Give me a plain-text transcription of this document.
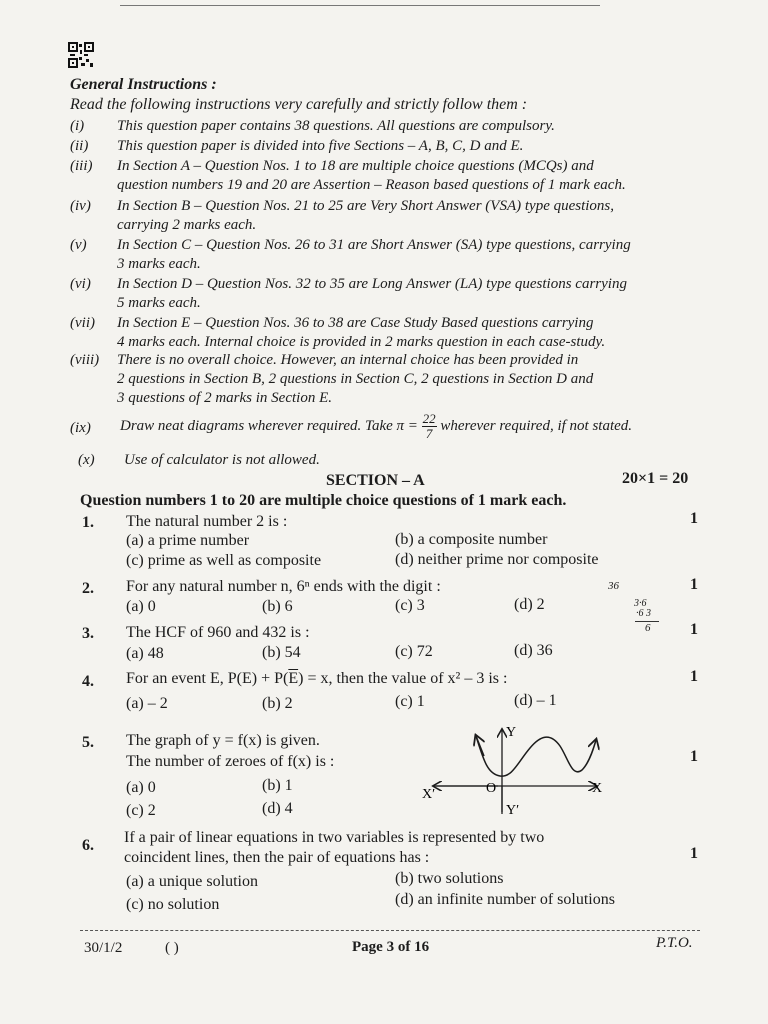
General Instructions :
Read the following instructions very carefully and strictly follow them :
(i) This question paper contains 38 questions. All questions are compulsory.
(ii) This question paper is divided into five Sections – A, B, C, D and E.
(iii) In Section A – Question Nos. 1 to 18 are multiple choice questions (MCQs) and
question numbers 19 and 20 are Assertion – Reason based questions of 1 mark each.
(iv) In Section B – Question Nos. 21 to 25 are Very Short Answer (VSA) type questions,
carrying 2 marks each.
(v) In Section C – Question Nos. 26 to 31 are Short Answer (SA) type questions, carrying
3 marks each.
(vi) In Section D – Question Nos. 32 to 35 are Long Answer (LA) type questions carrying
5 marks each.
(vii) In Section E – Question Nos. 36 to 38 are Case Study Based questions carrying
4 marks each. Internal choice is provided in 2 marks question in each case-study.
(viii) There is no overall choice. However, an internal choice has been provided in
2 questions in Section B, 2 questions in Section C, 2 questions in Section D and
3 questions of 2 marks in Section E.
(ix) Draw neat diagrams wherever required. Take $\pi = \frac{22}{7}$ wherever required, if not stated.
(x) Use of calculator is not allowed.
SECTION – A	20×1 = 20
Question numbers 1 to 20 are multiple choice questions of 1 mark each.
1. The natural number 2 is :	1
(a) a prime number	(b) a composite number
(c) prime as well as composite	(d) neither prime nor composite
2. For any natural number n, 6ⁿ ends with the digit :	1
(a) 0	(b) 6	(c) 3	(d) 2
36
3·6
·6 3
6
3. The HCF of 960 and 432 is :	1
(a) 48	(b) 54	(c) 72	(d) 36
4. For an event E, $P(E) + P(\overline{E}) = x$, then the value of x² – 3 is :	1
(a) – 2	(b) 2	(c) 1	(d) – 1
5. The graph of y = f(x) is given.
The number of zeroes of f(x) is :	1
(a) 0	(b) 1
(c) 2	(d) 4
Y
X
X′	O
Y′
6. If a pair of linear equations in two variables is represented by two
coincident lines, then the pair of equations has :	1
(a) a unique solution	(b) two solutions
(c) no solution	(d) an infinite number of solutions
30/1/2	( )	Page 3 of 16	P.T.O.
